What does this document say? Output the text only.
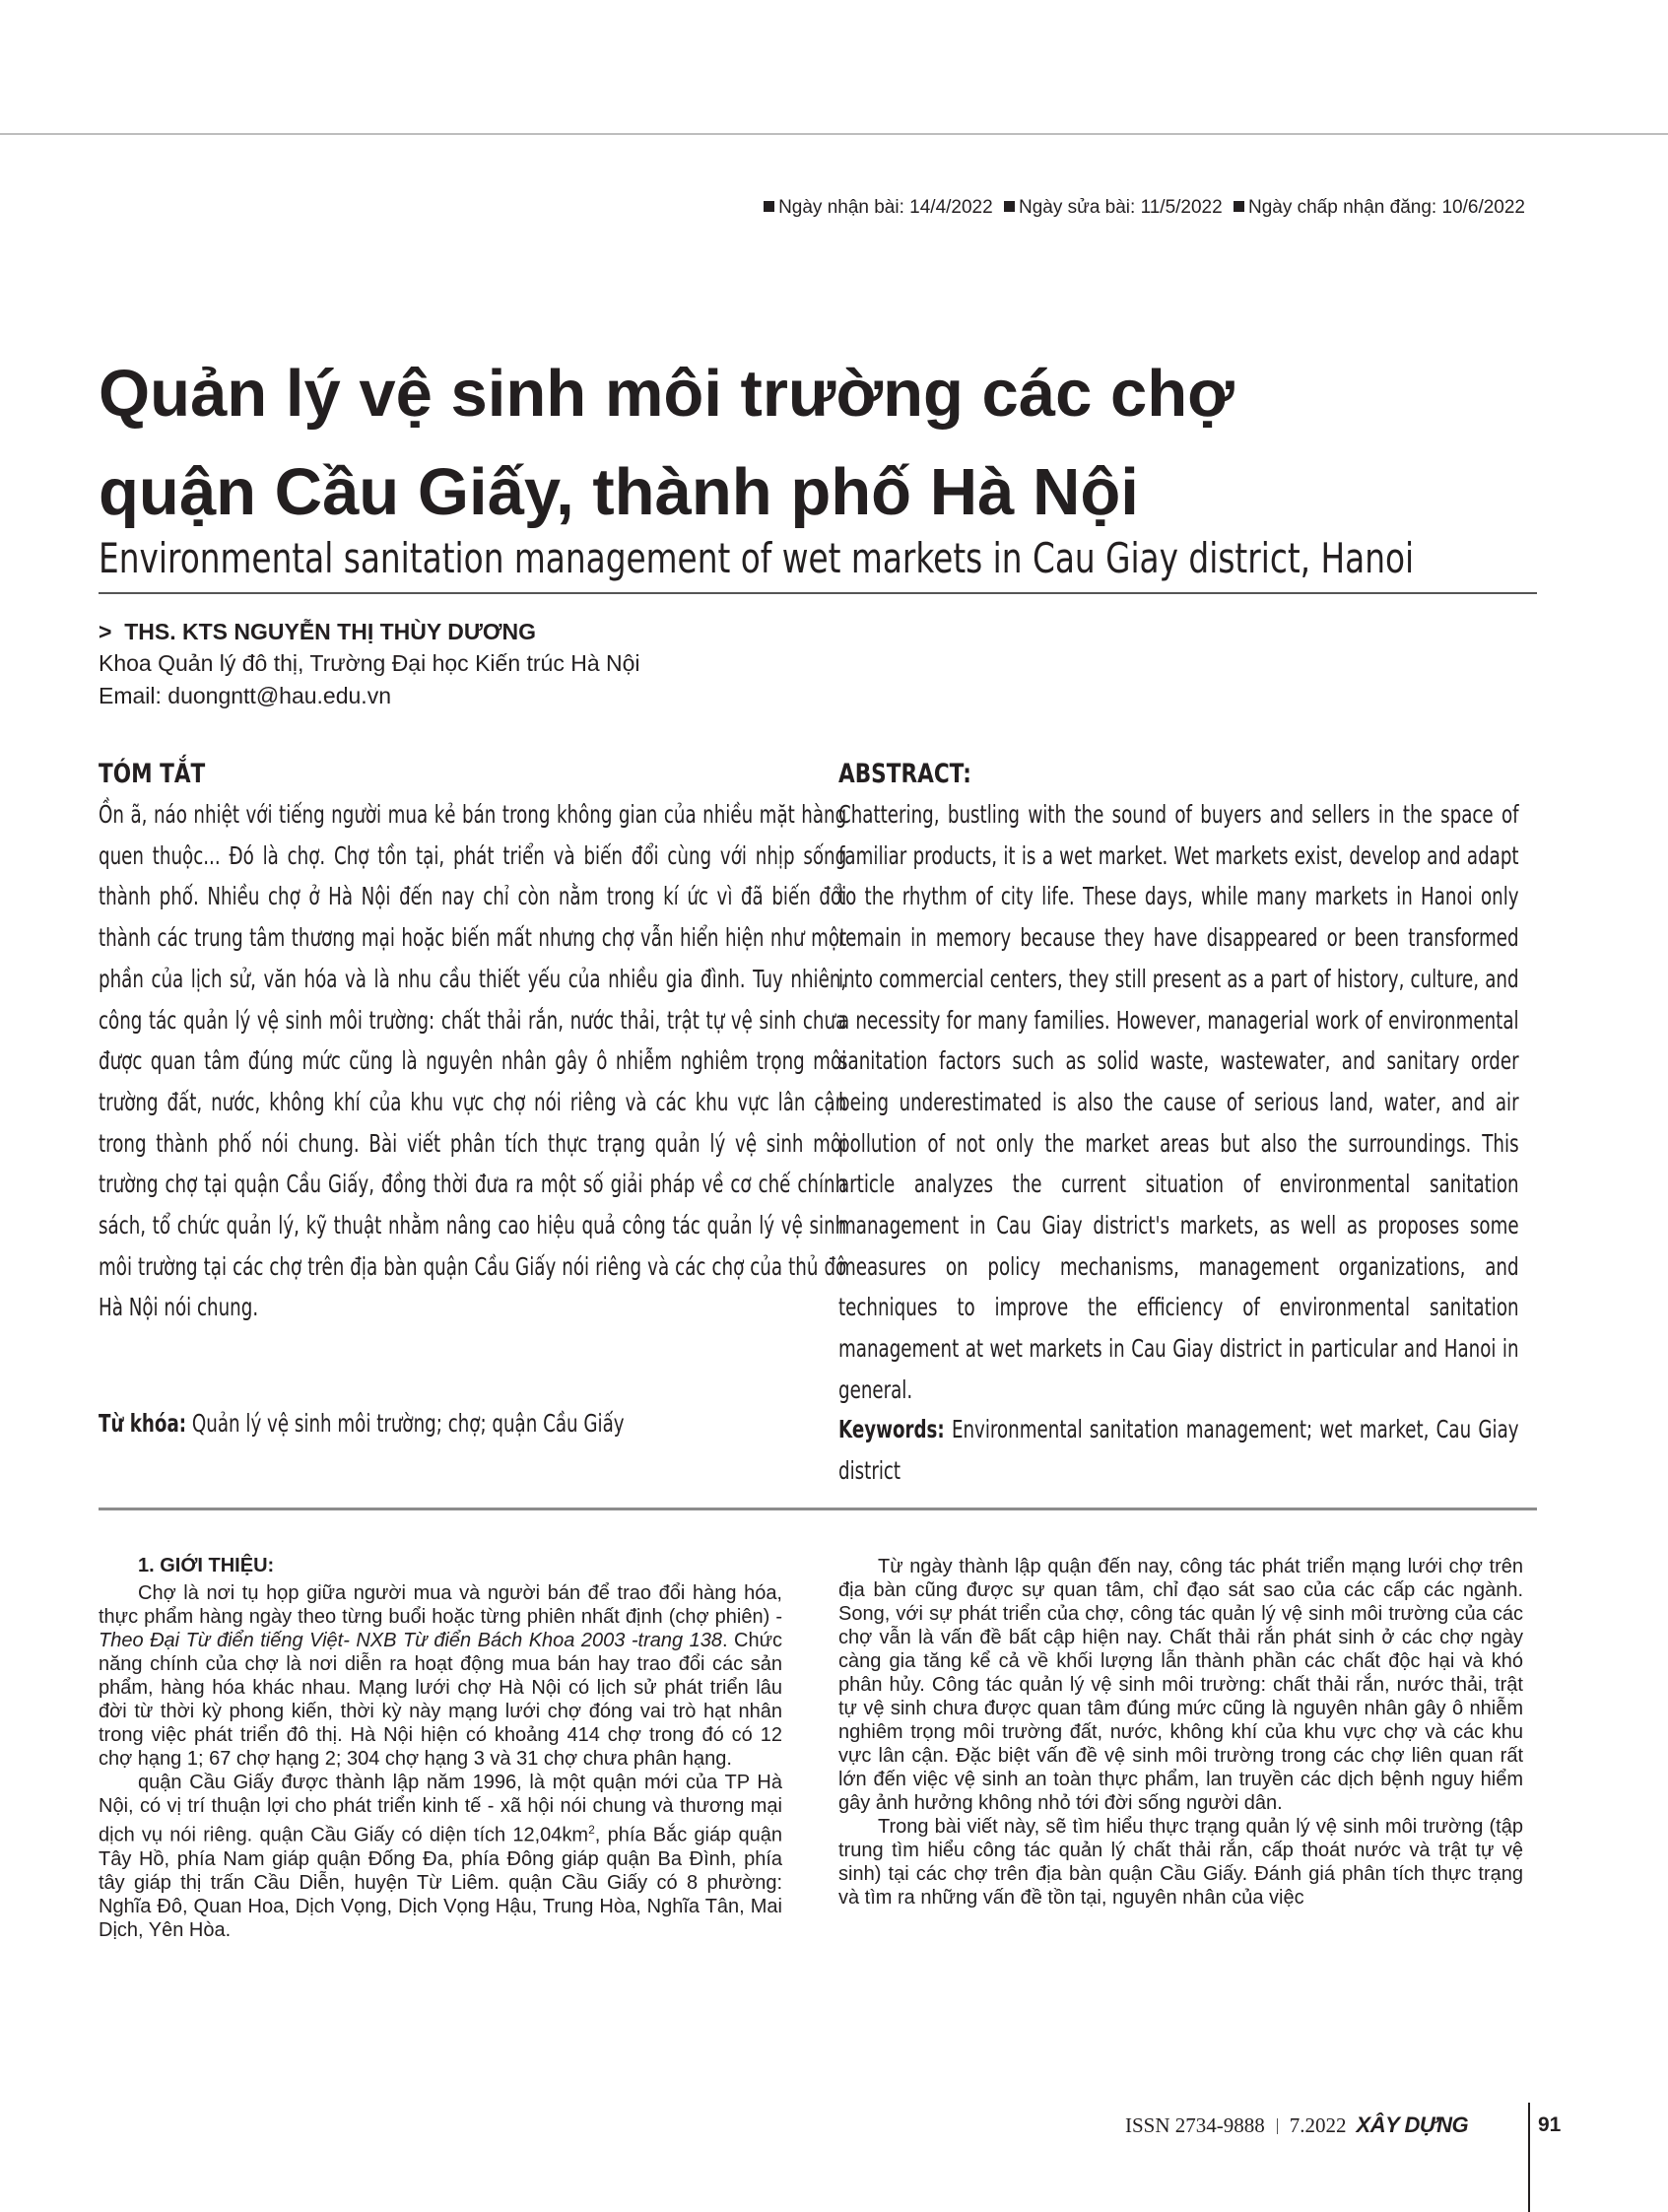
Ngày nhận bài: 14/4/2022 Ngày sửa bài: 11/5/2022 Ngày chấp nhận đăng: 10/6/2022
Quản lý vệ sinh môi trường các chợ
quận Cầu Giấy, thành phố Hà Nội
Environmental sanitation management of wet markets in Cau Giay district, Hanoi
> THS. KTS NGUYỄN THỊ THÙY DƯƠNG
Khoa Quản lý đô thị, Trường Đại học Kiến trúc Hà Nội
Email: duongntt@hau.edu.vn
TÓM TẮT	ABSTRACT:
Ồn ã, náo nhiệt với tiếng người mua kẻ bán trong không gian của nhiều mặt hàng quen thuộc... Đó là chợ. Chợ tồn tại, phát triển và biến đổi cùng với nhịp sống thành phố. Nhiều chợ ở Hà Nội đến nay chỉ còn nằm trong kí ức vì đã biến đổi thành các trung tâm thương mại hoặc biến mất nhưng chợ vẫn hiển hiện như một phần của lịch sử, văn hóa và là nhu cầu thiết yếu của nhiều gia đình. Tuy nhiên, công tác quản lý vệ sinh môi trường: chất thải rắn, nước thải, trật tự vệ sinh chưa được quan tâm đúng mức cũng là nguyên nhân gây ô nhiễm nghiêm trọng môi trường đất, nước, không khí của khu vực chợ nói riêng và các khu vực lân cận trong thành phố nói chung. Bài viết phân tích thực trạng quản lý vệ sinh môi trường chợ tại quận Cầu Giấy, đồng thời đưa ra một số giải pháp về cơ chế chính sách, tổ chức quản lý, kỹ thuật nhằm nâng cao hiệu quả công tác quản lý vệ sinh môi trường tại các chợ trên địa bàn quận Cầu Giấy nói riêng và các chợ của thủ đô Hà Nội nói chung.
Chattering, bustling with the sound of buyers and sellers in the space of familiar products, it is a wet market. Wet markets exist, develop and adapt to the rhythm of city life. These days, while many markets in Hanoi only remain in memory because they have disappeared or been transformed into commercial centers, they still present as a part of history, culture, and a necessity for many families. However, managerial work of environmental sanitation factors such as solid waste, wastewater, and sanitary order being underestimated is also the cause of serious land, water, and air pollution of not only the market areas but also the surroundings. This article analyzes the current situation of environmental sanitation management in Cau Giay district's markets, as well as proposes some measures on policy mechanisms, management organizations, and techniques to improve the efficiency of environmental sanitation management at wet markets in Cau Giay district in particular and Hanoi in general.
Từ khóa: Quản lý vệ sinh môi trường; chợ; quận Cầu Giấy	Keywords: Environmental sanitation management; wet market, Cau Giay district
1. GIỚI THIỆU:

Chợ là nơi tụ họp giữa người mua và người bán để trao đổi hàng hóa, thực phẩm hàng ngày theo từng buổi hoặc từng phiên nhất định (chợ phiên) - Theo Đại Từ điển tiếng Việt- NXB Từ điển Bách Khoa 2003 -trang 138. Chức năng chính của chợ là nơi diễn ra hoạt động mua bán hay trao đổi các sản phẩm, hàng hóa khác nhau. Mạng lưới chợ Hà Nội có lịch sử phát triển lâu đời từ thời kỳ phong kiến, thời kỳ này mạng lưới chợ đóng vai trò hạt nhân trong việc phát triển đô thị. Hà Nội hiện có khoảng 414 chợ trong đó có 12 chợ hạng 1; 67 chợ hạng 2; 304 chợ hạng 3 và 31 chợ chưa phân hạng.

quận Cầu Giấy được thành lập năm 1996, là một quận mới của TP Hà Nội, có vị trí thuận lợi cho phát triển kinh tế - xã hội nói chung và thương mại dịch vụ nói riêng. quận Cầu Giấy có diện tích $12,04km^2$, phía Bắc giáp quận Tây Hồ, phía Nam giáp quận Đống Đa, phía Đông giáp quận Ba Đình, phía tây giáp thị trấn Cầu Diễn, huyện Từ Liêm. quận Cầu Giấy có 8 phường: Nghĩa Đô, Quan Hoa, Dịch Vọng, Dịch Vọng Hậu, Trung Hòa, Nghĩa Tân, Mai Dịch, Yên Hòa.

Từ ngày thành lập quận đến nay, công tác phát triển mạng lưới chợ trên địa bàn cũng được sự quan tâm, chỉ đạo sát sao của các cấp các ngành. Song, với sự phát triển của chợ, công tác quản lý vệ sinh môi trường của các chợ vẫn là vấn đề bất cập hiện nay. Chất thải rắn phát sinh ở các chợ ngày càng gia tăng kể cả về khối lượng lẫn thành phần các chất độc hại và khó phân hủy. Công tác quản lý vệ sinh môi trường: chất thải rắn, nước thải, trật tự vệ sinh chưa được quan tâm đúng mức cũng là nguyên nhân gây ô nhiễm nghiêm trọng môi trường đất, nước, không khí của khu vực chợ và các khu vực lân cận. Đặc biệt vấn đề vệ sinh môi trường trong các chợ liên quan rất lớn đến việc vệ sinh an toàn thực phẩm, lan truyền các dịch bệnh nguy hiểm gây ảnh hưởng không nhỏ tới đời sống người dân.

Trong bài viết này, sẽ tìm hiểu thực trạng quản lý vệ sinh môi trường (tập trung tìm hiểu công tác quản lý chất thải rắn, cấp thoát nước và trật tự vệ sinh) tại các chợ trên địa bàn quận Cầu Giấy. Đánh giá phân tích thực trạng và tìm ra những vấn đề tồn tại, nguyên nhân của việc

ISSN 2734-9888 7.2022 XÂY DỰNG	91
